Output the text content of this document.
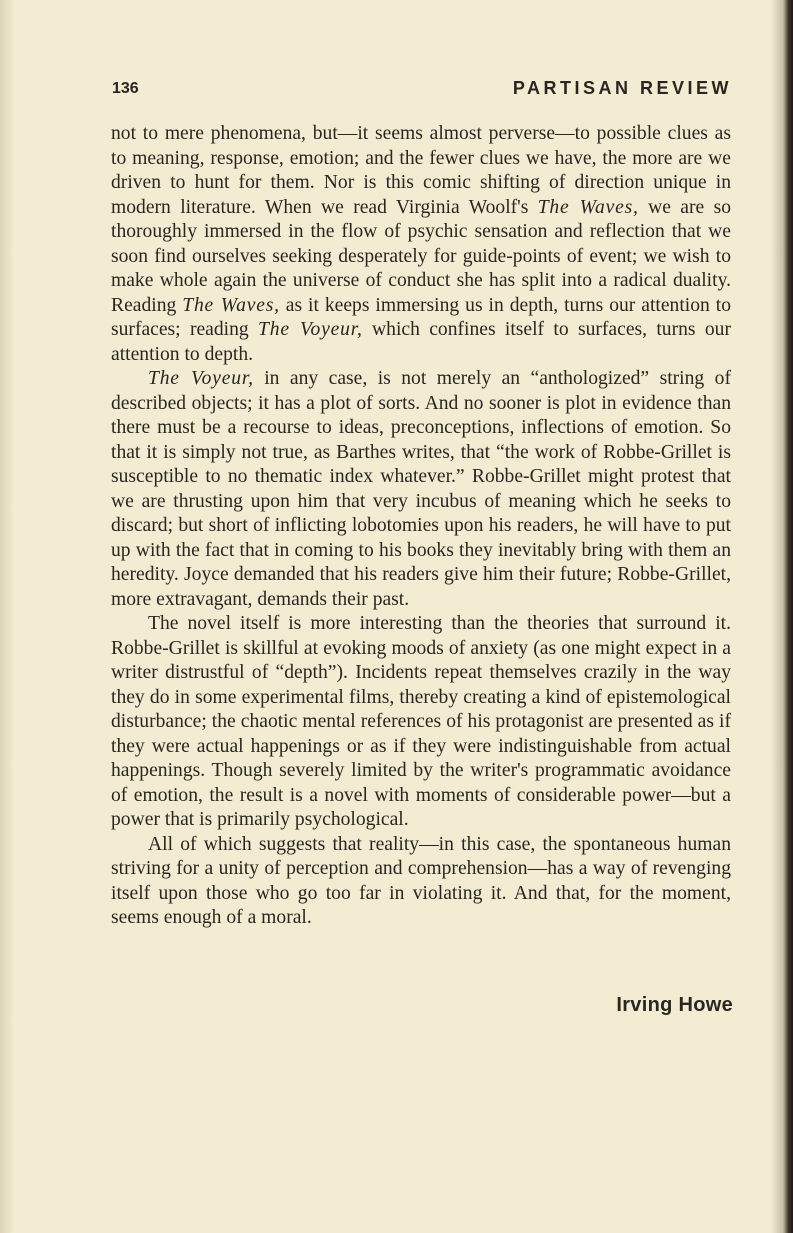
136	PARTISAN REVIEW

not to mere phenomena, but—it seems almost perverse—to possible clues as to meaning, response, emotion; and the fewer clues we have, the more are we driven to hunt for them. Nor is this comic shifting of direction unique in modern literature. When we read Virginia Woolf's The Waves, we are so thoroughly immersed in the flow of psychic sensation and reflection that we soon find ourselves seeking desperately for guide-points of event; we wish to make whole again the universe of conduct she has split into a radical duality. Reading The Waves, as it keeps immersing us in depth, turns our attention to surfaces; reading The Voyeur, which confines itself to surfaces, turns our attention to depth.

The Voyeur, in any case, is not merely an “anthologized” string of described objects; it has a plot of sorts. And no sooner is plot in evidence than there must be a recourse to ideas, preconceptions, inflections of emotion. So that it is simply not true, as Barthes writes, that “the work of Robbe-Grillet is susceptible to no thematic index whatever.” Robbe-Grillet might protest that we are thrusting upon him that very incubus of meaning which he seeks to discard; but short of inflicting lobotomies upon his readers, he will have to put up with the fact that in coming to his books they inevitably bring with them an heredity. Joyce demanded that his readers give him their future; Robbe-Grillet, more extravagant, demands their past.

The novel itself is more interesting than the theories that surround it. Robbe-Grillet is skillful at evoking moods of anxiety (as one might expect in a writer distrustful of “depth”). Incidents repeat themselves crazily in the way they do in some experimental films, thereby creating a kind of epistemological disturbance; the chaotic mental references of his protagonist are presented as if they were actual happenings or as if they were indistinguishable from actual happenings. Though severely limited by the writer's programmatic avoidance of emotion, the result is a novel with moments of considerable power—but a power that is primarily psychological.

All of which suggests that reality—in this case, the spontaneous human striving for a unity of perception and comprehension—has a way of revenging itself upon those who go too far in violating it. And that, for the moment, seems enough of a moral.

Irving Howe
